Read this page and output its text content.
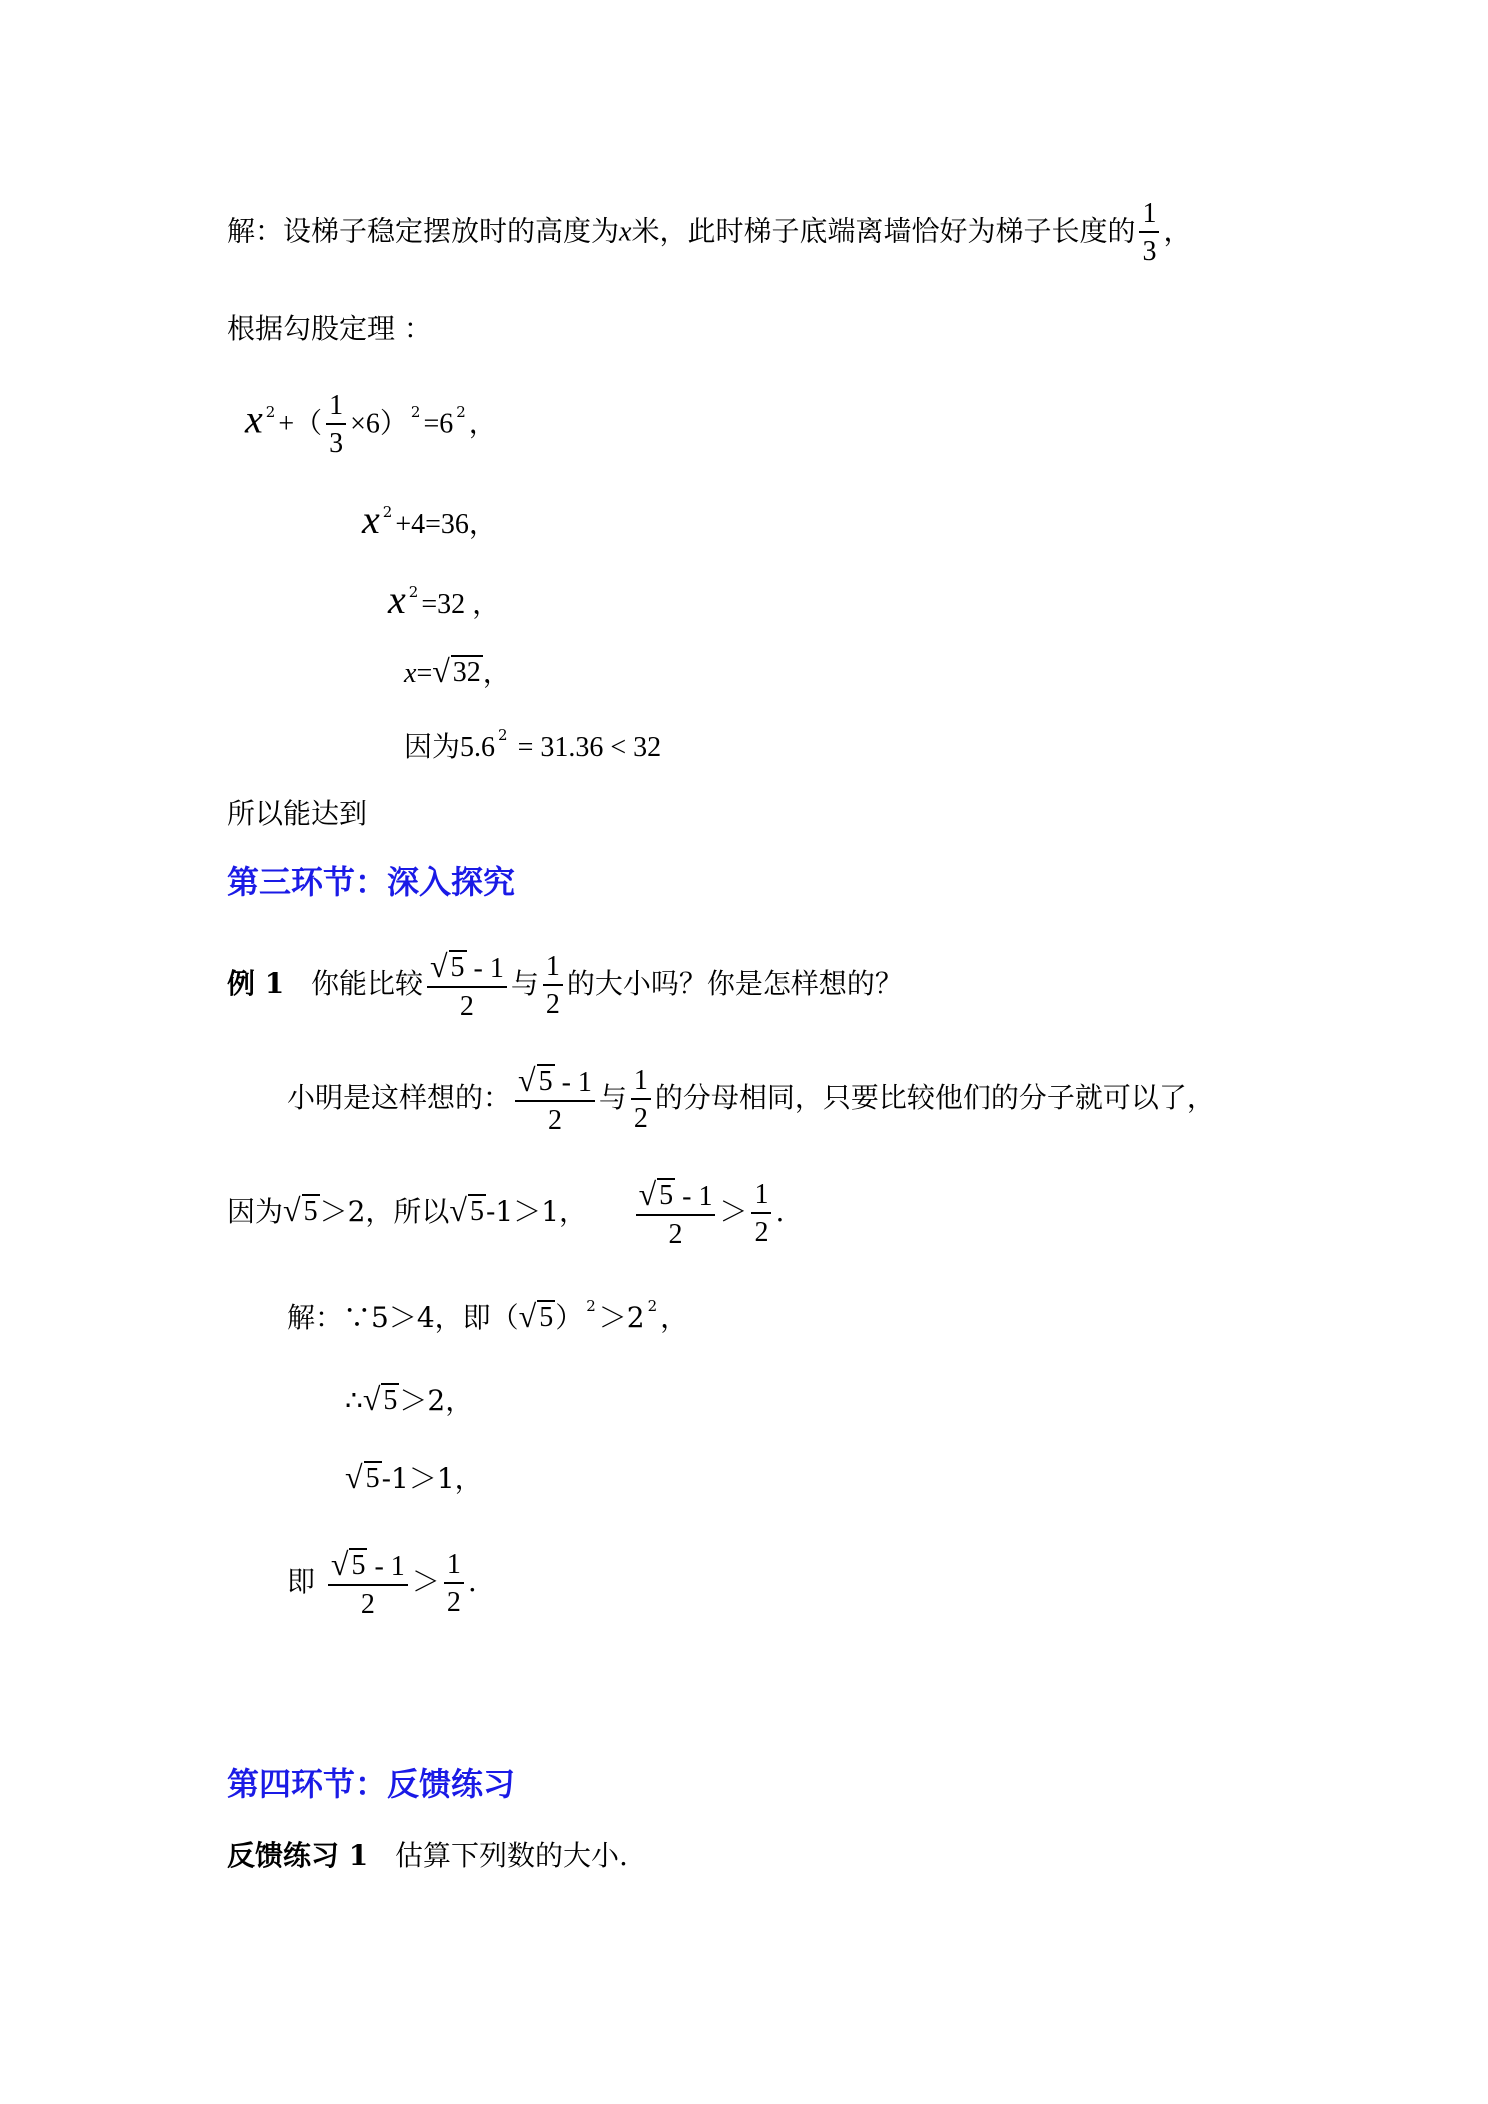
解：设梯子稳定摆放时的高度为x米，此时梯子底端离墙恰好为梯子长度的 $\frac{1}{3}$ ，
根据勾股定理 ：
x $^2$ +（ $\frac{1}{3} \times 6$） $^2$ =6 $^2$ ，
x $^2$ +4=36，
x $^2$ =32 ，
x= √ 32 ，
因为5.6 $^2$ = 31.36 < 32
所以能达到
第三环节：深入探究
例 1 你能比较 $\frac{√ 5 - 1}{2}$ 与 $\frac{1}{2}$ 的大小吗？你是怎样想的？
小明是这样想的： $\frac{√ 5 - 1}{2}$ 与 $\frac{1}{2}$ 的分母相同，只要比较他们的分子就可以了，
因为 √ 5 ＞2，所以 √ 5 -1＞1， $\frac{√ 5 - 1}{2} > \frac{1}{2}$ .
解：∵5＞4，即（ √ 5 ） $^2$ ＞2 $^2$ ，
∴ √ 5 ＞2，
√ 5 -1＞1，
即 $\frac{√ 5 - 1}{2} > \frac{1}{2}$ .
第四环节：反馈练习
反馈练习 1 估算下列数的大小.
